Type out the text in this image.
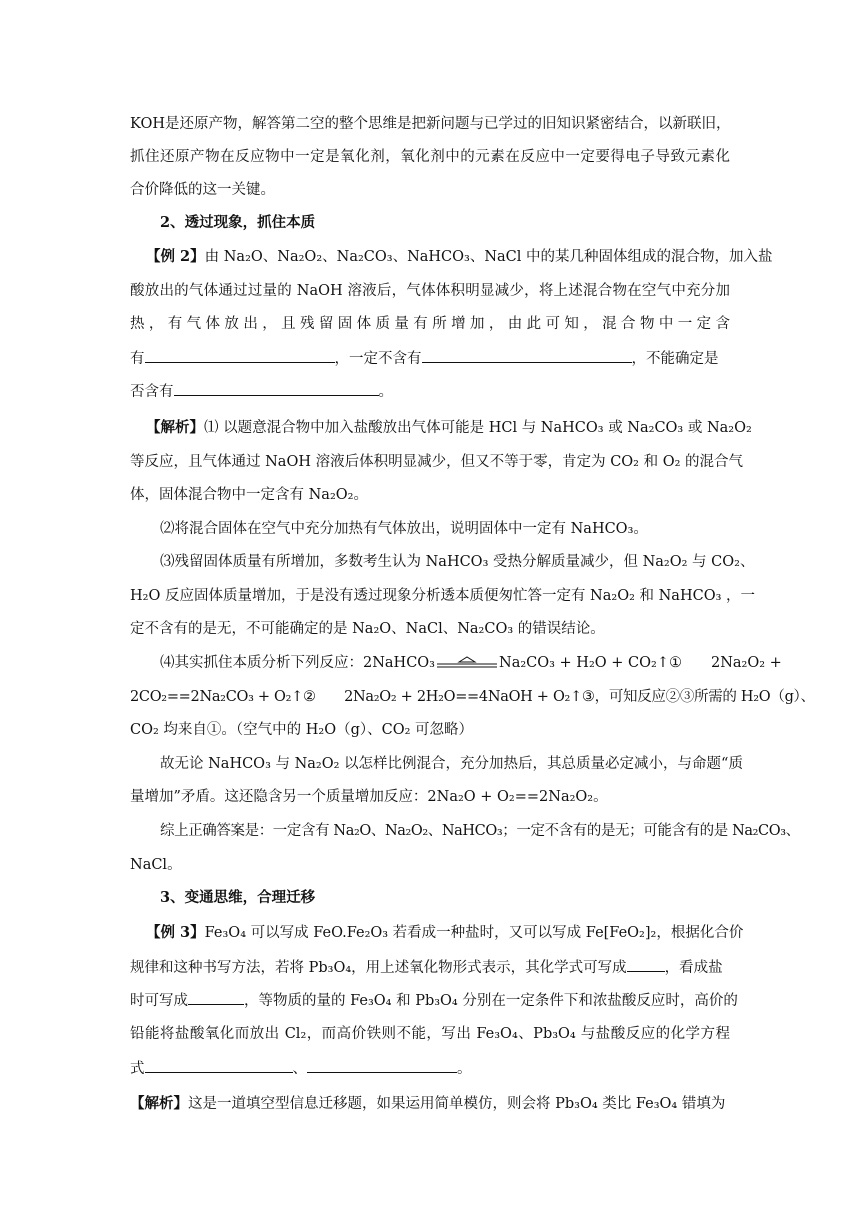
KOH是还原产物，解答第二空的整个思维是把新问题与已学过的旧知识紧密结合，以新联旧，
抓住还原产物在反应物中一定是氧化剂，氧化剂中的元素在反应中一定要得电子导致元素化
合价降低的这一关键。
2、透过现象，抓住本质
【例 2】由 Na₂O、Na₂O₂、Na₂CO₃、NaHCO₃、NaCl 中的某几种固体组成的混合物，加入盐
酸放出的气体通过过量的 NaOH 溶液后，气体体积明显减少，将上述混合物在空气中充分加
热，有气体放出，且残留固体质量有所增加，由此可知，混合物中一定含
有	，一定不含有	，不能确定是
否含有	。
【解析】⑴ 以题意混合物中加入盐酸放出气体可能是 HCl 与 NaHCO₃ 或 Na₂CO₃ 或 Na₂O₂
等反应，且气体通过 NaOH 溶液后体积明显减少，但又不等于零，肯定为 CO₂ 和 O₂ 的混合气
体，固体混合物中一定含有 Na₂O₂。
⑵将混合固体在空气中充分加热有气体放出，说明固体中一定有 NaHCO₃。
⑶残留固体质量有所增加，多数考生认为 NaHCO₃ 受热分解质量减少，但 Na₂O₂ 与 CO₂、
H₂O 反应固体质量增加，于是没有透过现象分析透本质便匆忙答一定有 Na₂O₂ 和 NaHCO₃ ，一
定不含有的是无，不可能确定的是 Na₂O、NaCl、Na₂CO₃ 的错误结论。
⑷其实抓住本质分析下列反应：2NaHCO₃	Na₂CO₃ + H₂O + CO₂↑①　　2Na₂O₂ +
2CO₂==2Na₂CO₃ + O₂↑②　　2Na₂O₂ + 2H₂O==4NaOH + O₂↑③，可知反应②③所需的 H₂O（g）、
CO₂ 均来自①。（空气中的 H₂O（g）、CO₂ 可忽略）
故无论 NaHCO₃ 与 Na₂O₂ 以怎样比例混合，充分加热后，其总质量必定减小，与命题“质
量增加”矛盾。这还隐含另一个质量增加反应：2Na₂O + O₂==2Na₂O₂。
综上正确答案是：一定含有 Na₂O、Na₂O₂、NaHCO₃；一定不含有的是无；可能含有的是 Na₂CO₃、
NaCl。
3、变通思维，合理迁移
【例 3】Fe₃O₄ 可以写成 FeO.Fe₂O₃ 若看成一种盐时，又可以写成 Fe[FeO₂]₂，根据化合价
规律和这种书写方法，若将 Pb₃O₄，用上述氧化物形式表示，其化学式可写成	，看成盐
时可写成	，等物质的量的 Fe₃O₄ 和 Pb₃O₄ 分别在一定条件下和浓盐酸反应时，高价的
铅能将盐酸氧化而放出 Cl₂，而高价铁则不能，写出 Fe₃O₄、Pb₃O₄ 与盐酸反应的化学方程
式	、	。
【解析】这是一道填空型信息迁移题，如果运用简单模仿，则会将 Pb₃O₄ 类比 Fe₃O₄ 错填为
